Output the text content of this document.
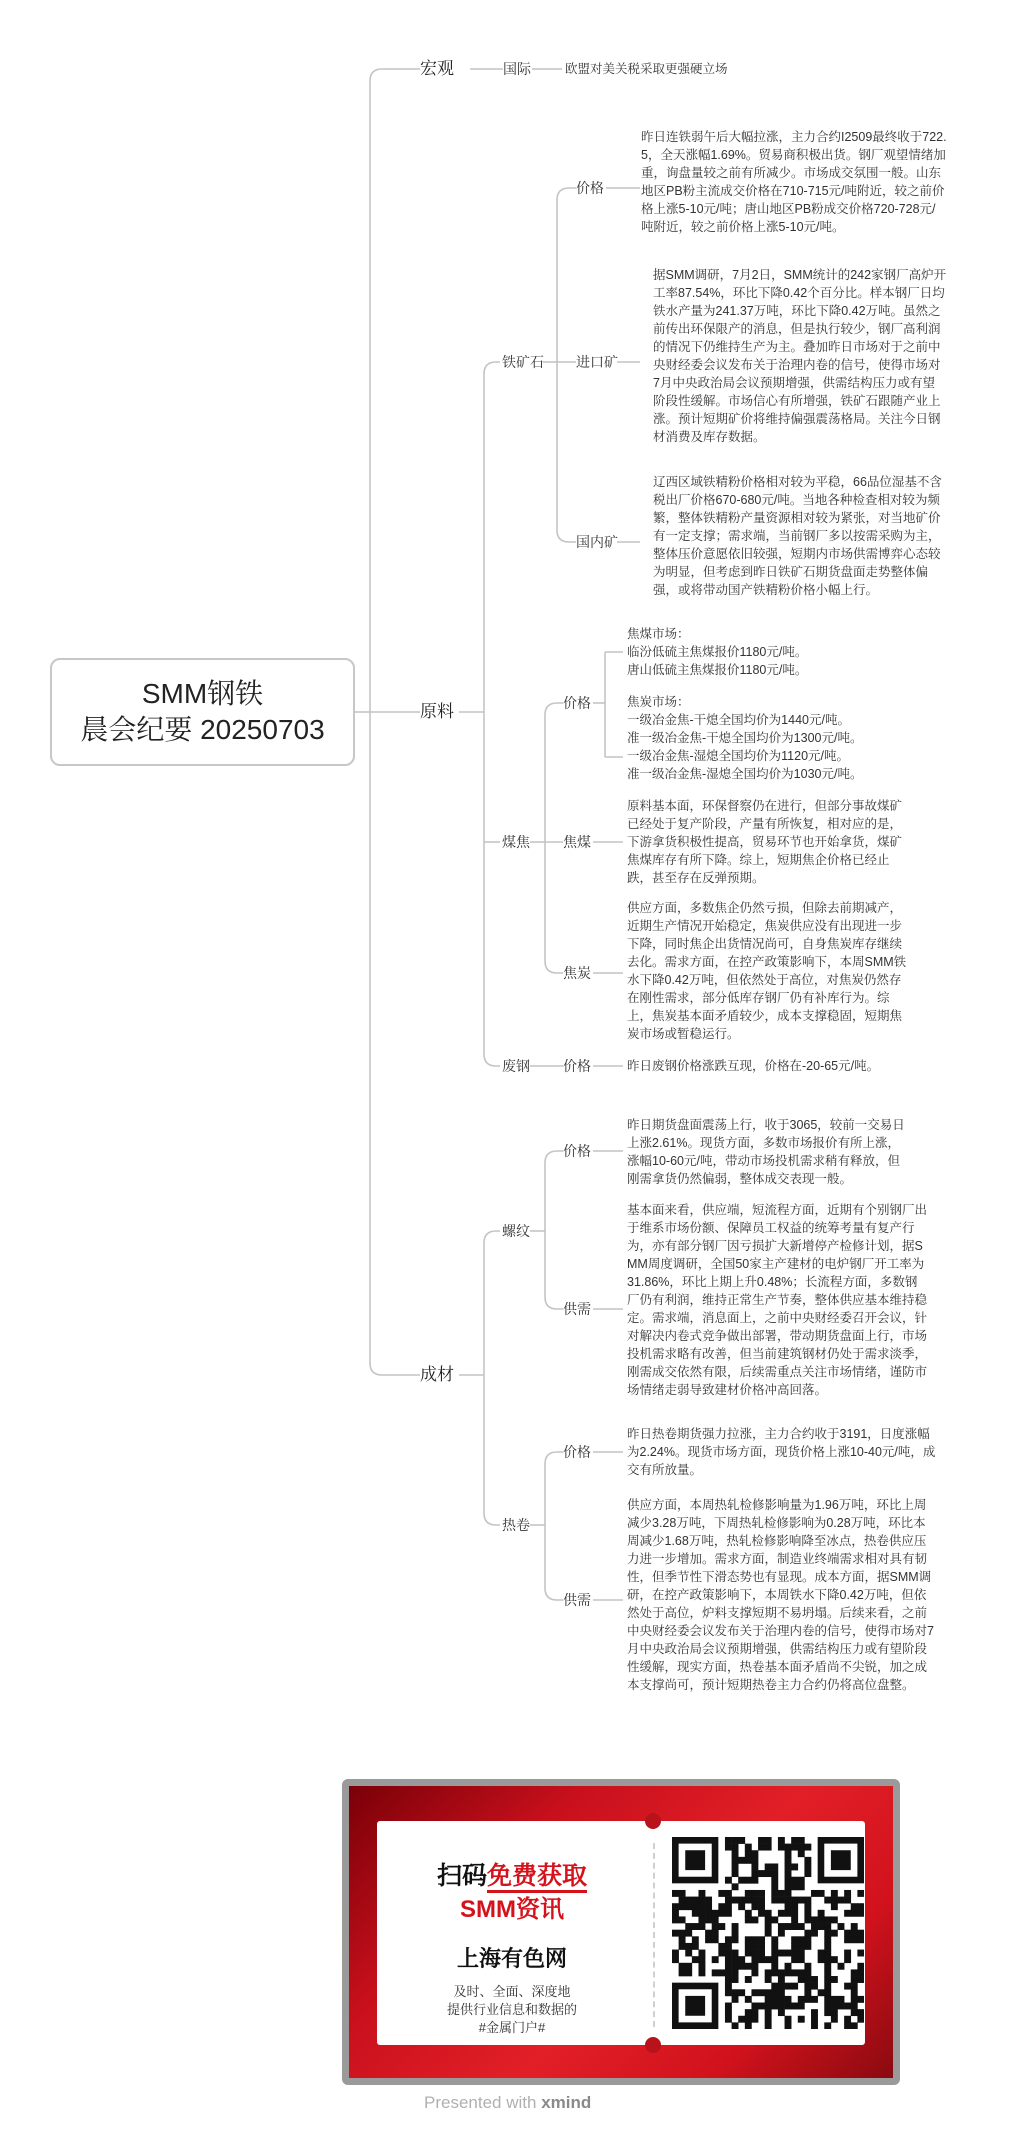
SMM钢铁
晨会纪要 20250703
宏观
原料
成材
国际	欧盟对美关税采取更强硬立场
铁矿石
价格
昨日连铁弱午后大幅拉涨，主力合约I2509最终收于722.5，全天涨幅1.69%。贸易商积极出货。钢厂观望情绪加重，询盘量较之前有所减少。市场成交氛围一般。山东地区PB粉主流成交价格在710-715元/吨附近，较之前价格上涨5-10元/吨；唐山地区PB粉成交价格720-728元/吨附近，较之前价格上涨5-10元/吨。
进口矿
据SMM调研，7月2日，SMM统计的242家钢厂高炉开工率87.54%，环比下降0.42个百分比。样本钢厂日均铁水产量为241.37万吨，环比下降0.42万吨。虽然之前传出环保限产的消息，但是执行较少，钢厂高利润的情况下仍维持生产为主。叠加昨日市场对于之前中央财经委会议发布关于治理内卷的信号，使得市场对7月中央政治局会议预期增强，供需结构压力或有望阶段性缓解。市场信心有所增强，铁矿石跟随产业上涨。预计短期矿价将维持偏强震荡格局。关注今日钢材消费及库存数据。
国内矿
辽西区域铁精粉价格相对较为平稳，66品位湿基不含税出厂价格670-680元/吨。当地各种检查相对较为频繁，整体铁精粉产量资源相对较为紧张，对当地矿价有一定支撑；需求端，当前钢厂多以按需采购为主，整体压价意愿依旧较强，短期内市场供需博弈心态较为明显，但考虑到昨日铁矿石期货盘面走势整体偏强，或将带动国产铁精粉价格小幅上行。
煤焦
价格
焦煤市场：
临汾低硫主焦煤报价1180元/吨。
唐山低硫主焦煤报价1180元/吨。
焦炭市场：
一级冶金焦-干熄全国均价为1440元/吨。
准一级冶金焦-干熄全国均价为1300元/吨。
一级冶金焦-湿熄全国均价为1120元/吨。
准一级冶金焦-湿熄全国均价为1030元/吨。
焦煤
原料基本面，环保督察仍在进行，但部分事故煤矿已经处于复产阶段，产量有所恢复，相对应的是，下游拿货积极性提高，贸易环节也开始拿货，煤矿焦煤库存有所下降。综上，短期焦企价格已经止跌，甚至存在反弹预期。
焦炭
供应方面，多数焦企仍然亏损，但除去前期减产，近期生产情况开始稳定，焦炭供应没有出现进一步下降，同时焦企出货情况尚可，自身焦炭库存继续去化。需求方面，在控产政策影响下，本周SMM铁水下降0.42万吨，但依然处于高位，对焦炭仍然存在刚性需求，部分低库存钢厂仍有补库行为。综上，焦炭基本面矛盾较少，成本支撑稳固，短期焦炭市场或暂稳运行。
废钢 价格	昨日废钢价格涨跌互现，价格在-20-65元/吨。
螺纹
价格
昨日期货盘面震荡上行，收于3065，较前一交易日上涨2.61%。现货方面，多数市场报价有所上涨，涨幅10-60元/吨，带动市场投机需求稍有释放，但刚需拿货仍然偏弱，整体成交表现一般。
供需
基本面来看，供应端，短流程方面，近期有个别钢厂出于维系市场份额、保障员工权益的统筹考量有复产行为，亦有部分钢厂因亏损扩大新增停产检修计划，据SMM周度调研，全国50家主产建材的电炉钢厂开工率为31.86%，环比上期上升0.48%；长流程方面，多数钢厂仍有利润，维持正常生产节奏，整体供应基本维持稳定。需求端，消息面上，之前中央财经委召开会议，针对解决内卷式竞争做出部署，带动期货盘面上行，市场投机需求略有改善，但当前建筑钢材仍处于需求淡季，刚需成交依然有限，后续需重点关注市场情绪，谨防市场情绪走弱导致建材价格冲高回落。
热卷
价格
昨日热卷期货强力拉涨，主力合约收于3191，日度涨幅为2.24%。现货市场方面，现货价格上涨10-40元/吨，成交有所放量。
供需
供应方面，本周热轧检修影响量为1.96万吨，环比上周减少3.28万吨，下周热轧检修影响为0.28万吨，环比本周减少1.68万吨，热轧检修影响降至冰点，热卷供应压力进一步增加。需求方面，制造业终端需求相对具有韧性，但季节性下滑态势也有显现。成本方面，据SMM调研，在控产政策影响下，本周铁水下降0.42万吨，但依然处于高位，炉料支撑短期不易坍塌。后续来看，之前中央财经委会议发布关于治理内卷的信号，使得市场对7月中央政治局会议预期增强，供需结构压力或有望阶段性缓解，现实方面，热卷基本面矛盾尚不尖锐，加之成本支撑尚可，预计短期热卷主力合约仍将高位盘整。
扫码免费获取
SMM资讯
上海有色网
及时、全面、深度地
提供行业信息和数据的
#金属门户#
Presented with xmind
